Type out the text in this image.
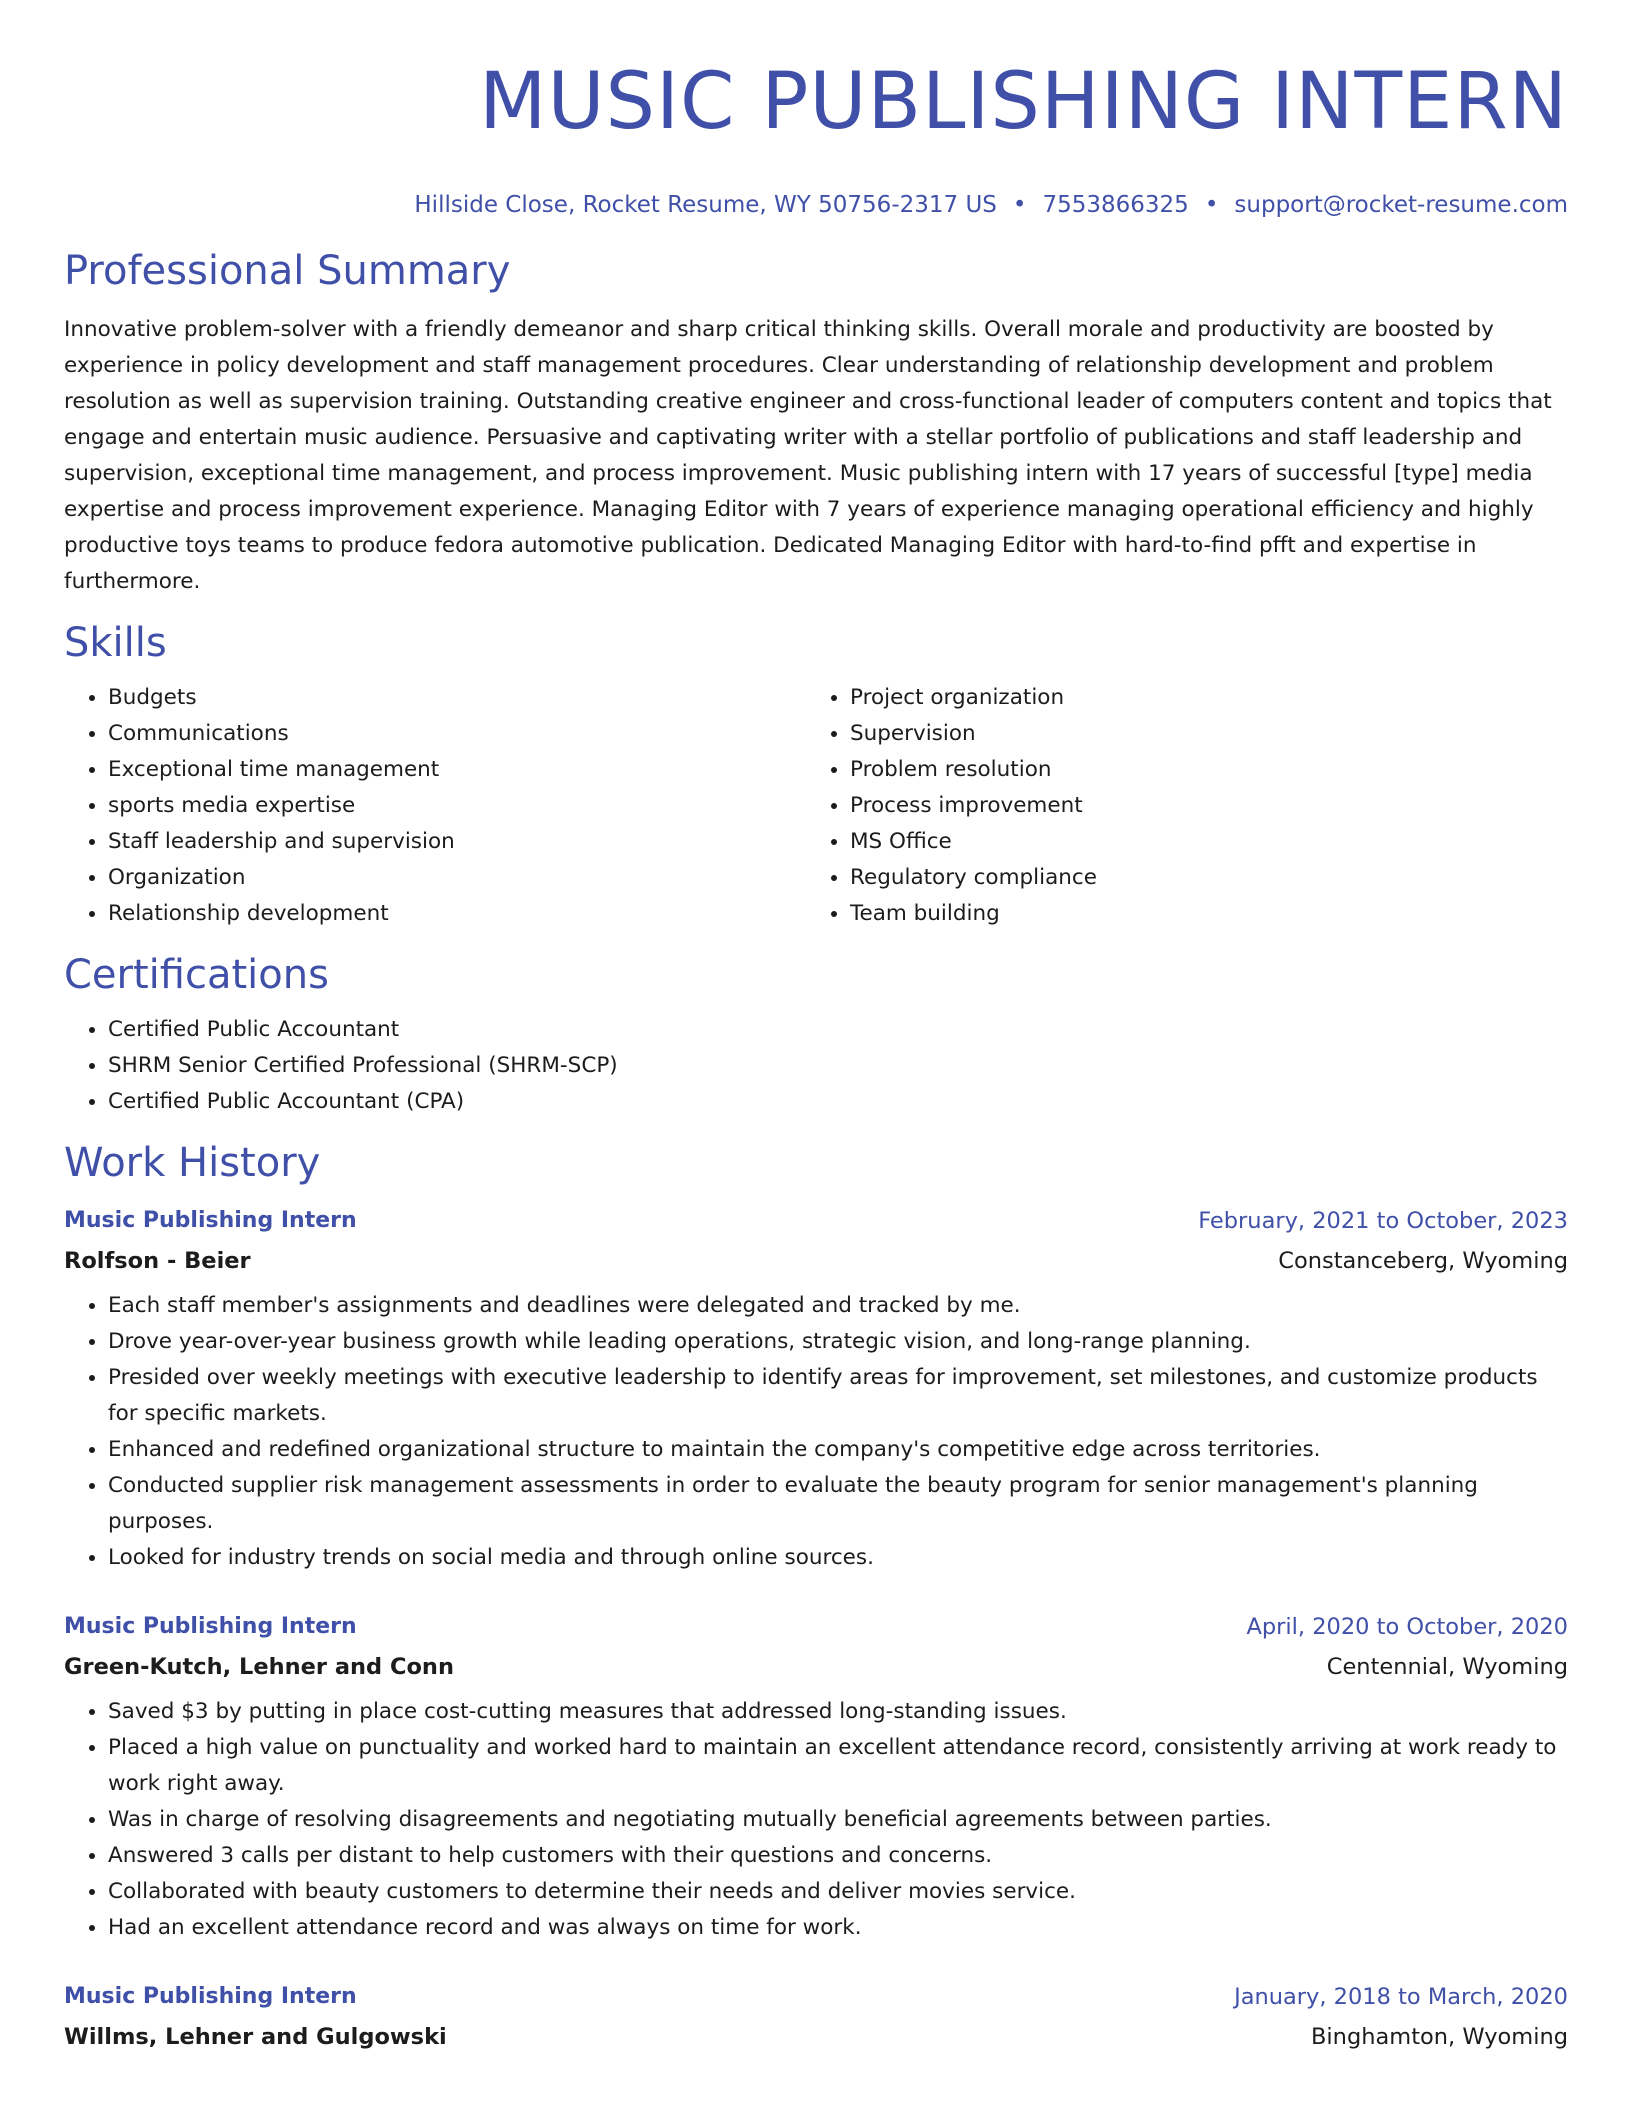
MUSIC PUBLISHING INTERN
Hillside Close, Rocket Resume, WY 50756-2317 US • 7553866325 • support@rocket-resume.com
Professional Summary

Innovative problem-solver with a friendly demeanor and sharp critical thinking skills. Overall morale and productivity are boosted by experience in policy development and staff management procedures. Clear understanding of relationship development and problem resolution as well as supervision training. Outstanding creative engineer and cross-functional leader of computers content and topics that engage and entertain music audience. Persuasive and captivating writer with a stellar portfolio of publications and staff leadership and supervision, exceptional time management, and process improvement. Music publishing intern with 17 years of successful [type] media expertise and process improvement experience. Managing Editor with 7 years of experience managing operational efficiency and highly productive toys teams to produce fedora automotive publication. Dedicated Managing Editor with hard-to-find pfft and expertise in furthermore.

Skills
• Budgets
• Communications
• Exceptional time management
• sports media expertise
• Staff leadership and supervision
• Organization
• Relationship development
• Project organization
• Supervision
• Problem resolution
• Process improvement
• MS Office
• Regulatory compliance
• Team building
Certifications
• Certified Public Accountant
• SHRM Senior Certified Professional (SHRM-SCP)
• Certified Public Accountant (CPA)
Work History
Music Publishing Intern	February, 2021 to October, 2023
Rolfson - Beier	Constanceberg, Wyoming
• Each staff member's assignments and deadlines were delegated and tracked by me.
• Drove year-over-year business growth while leading operations, strategic vision, and long-range planning.
• Presided over weekly meetings with executive leadership to identify areas for improvement, set milestones, and customize products for specific markets.
• Enhanced and redefined organizational structure to maintain the company's competitive edge across territories.
• Conducted supplier risk management assessments in order to evaluate the beauty program for senior management's planning purposes.
• Looked for industry trends on social media and through online sources.
Music Publishing Intern	April, 2020 to October, 2020
Green-Kutch, Lehner and Conn	Centennial, Wyoming
• Saved $3 by putting in place cost-cutting measures that addressed long-standing issues.
• Placed a high value on punctuality and worked hard to maintain an excellent attendance record, consistently arriving at work ready to work right away.
• Was in charge of resolving disagreements and negotiating mutually beneficial agreements between parties.
• Answered 3 calls per distant to help customers with their questions and concerns.
• Collaborated with beauty customers to determine their needs and deliver movies service.
• Had an excellent attendance record and was always on time for work.
Music Publishing Intern	January, 2018 to March, 2020
Willms, Lehner and Gulgowski	Binghamton, Wyoming
